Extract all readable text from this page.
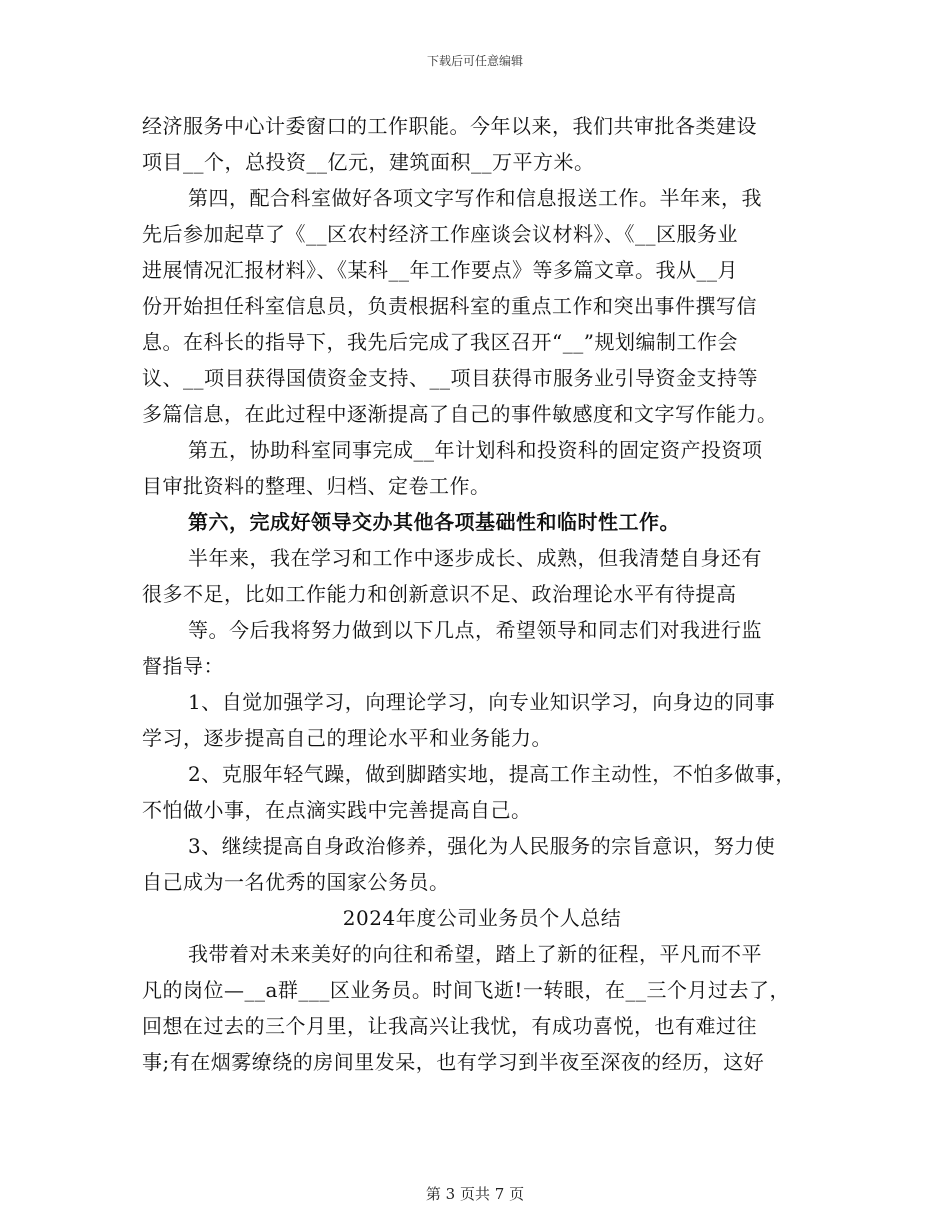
下载后可任意编辑
经济服务中心计委窗口的工作职能。今年以来，我们共审批各类建设
项目__个，总投资__亿元，建筑面积__万平方米。
第四，配合科室做好各项文字写作和信息报送工作。半年来，我
先后参加起草了《__区农村经济工作座谈会议材料》、《__区服务业
进展情况汇报材料》、《某科__年工作要点》等多篇文章。我从__月
份开始担任科室信息员，负责根据科室的重点工作和突出事件撰写信
息。在科长的指导下，我先后完成了我区召开“__”规划编制工作会
议、__项目获得国债资金支持、__项目获得市服务业引导资金支持等
多篇信息，在此过程中逐渐提高了自己的事件敏感度和文字写作能力。
第五，协助科室同事完成__年计划科和投资科的固定资产投资项
目审批资料的整理、归档、定卷工作。
第六，完成好领导交办其他各项基础性和临时性工作。
半年来，我在学习和工作中逐步成长、成熟，但我清楚自身还有
很多不足，比如工作能力和创新意识不足、政治理论水平有待提高
等。今后我将努力做到以下几点，希望领导和同志们对我进行监
督指导：
1、自觉加强学习，向理论学习，向专业知识学习，向身边的同事
学习，逐步提高自己的理论水平和业务能力。
2、克服年轻气躁，做到脚踏实地，提高工作主动性，不怕多做事，
不怕做小事，在点滴实践中完善提高自己。
3、继续提高自身政治修养，强化为人民服务的宗旨意识，努力使
自己成为一名优秀的国家公务员。
2024年度公司业务员个人总结
我带着对未来美好的向往和希望，踏上了新的征程，平凡而不平
凡的岗位—__a群___区业务员。时间飞逝!一转眼，在__三个月过去了，
回想在过去的三个月里，让我高兴让我忧，有成功喜悦，也有难过往
事;有在烟雾缭绕的房间里发呆，也有学习到半夜至深夜的经历，这好
第 3 页共 7 页
